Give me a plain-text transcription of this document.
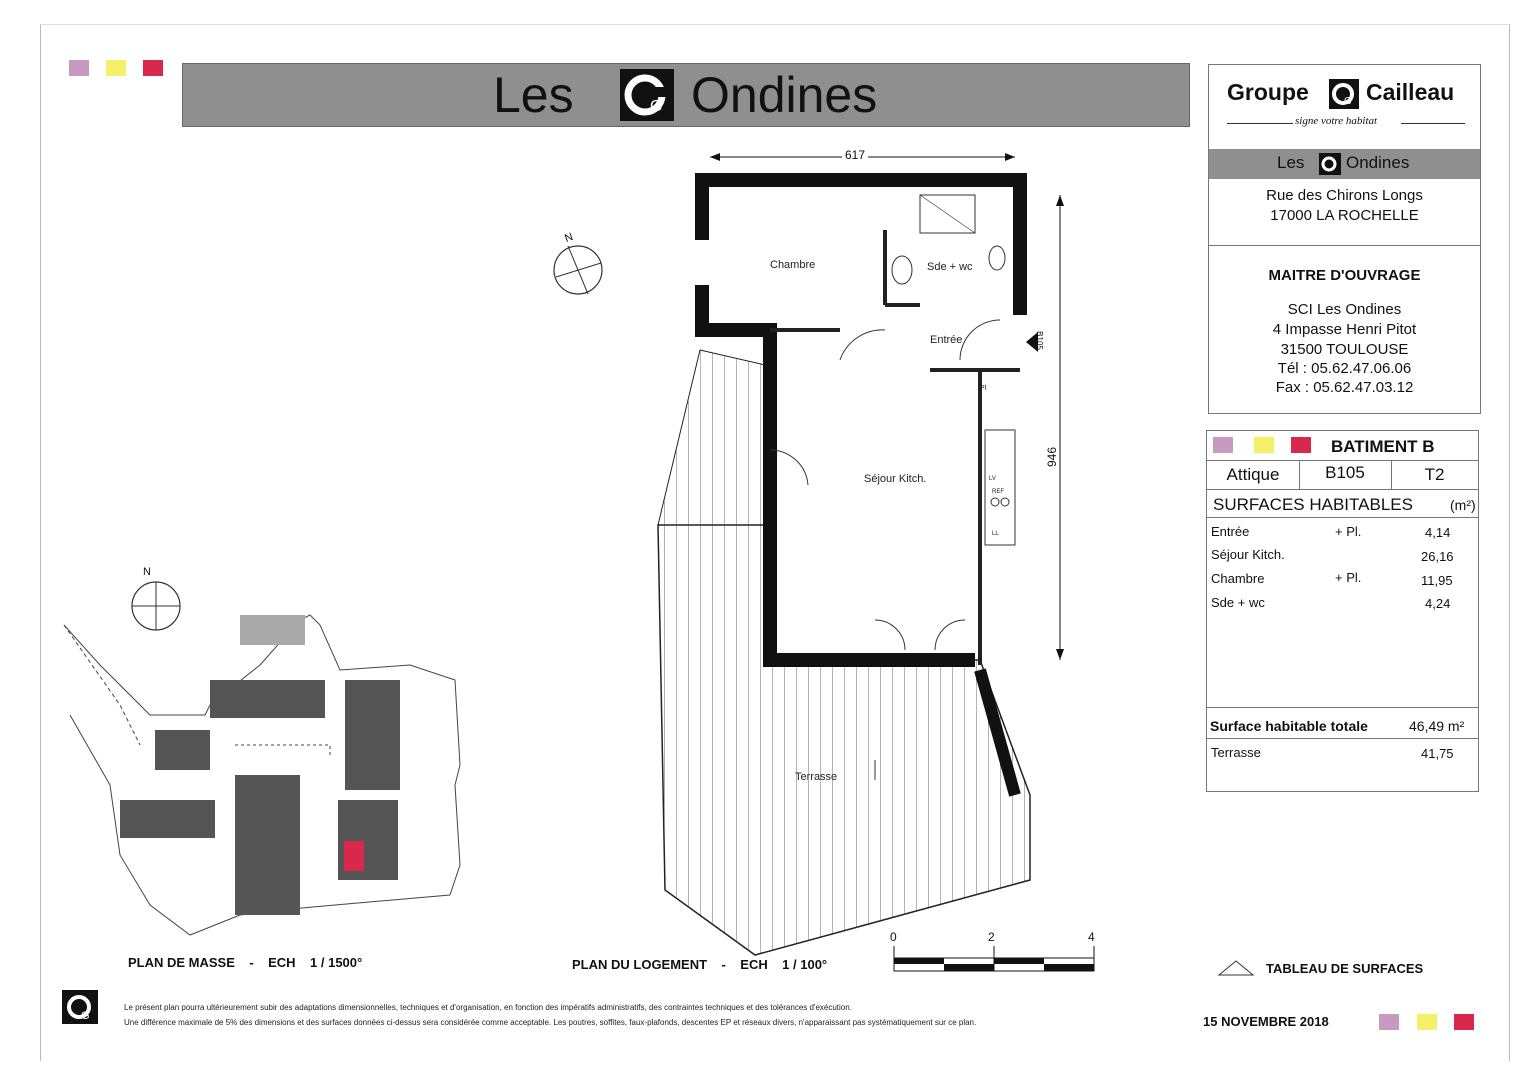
Les	G Ondines	Groupe	G Cailleau
signe votre habitat
Les Ondines
Rue des Chirons Longs
17000 LA ROCHELLE
MAITRE D'OUVRAGE
SCI Les Ondines
4 Impasse Henri Pitot
31500 TOULOUSE
Tél : 05.62.47.06.06
Fax : 05.62.47.03.12
BATIMENT B
Attique	B105	T2
SURFACES HABITABLES	(m²)
Entrée	+ Pl.	4,14
Séjour Kitch.	26,16
Chambre	+ Pl.	11,95
Sde + wc	4,24
Surface habitable totale	46,49 m²
Terrasse	41,75
Chambre	Sde + wc
Entrée
Séjour Kitch.
Terrasse
Pl
LV
REF
LL
617
946
B105
N
N
PLAN DE MASSE    -    ECH    1 / 1500°	PLAN DU LOGEMENT    -    ECH    1 / 100°
0	2	4
TABLEAU DE SURFACES
G
Le présent plan pourra ultérieurement subir des adaptations dimensionnelles, techniques et d'organisation, en fonction des impératifs administratifs, des contraintes techniques et des tolérances d'exécution.
Une différence maximale de 5% des dimensions et des surfaces données ci-dessus sera considérée comme acceptable. Les poutres, soffites, faux-plafonds, descentes EP et réseaux divers, n'apparaissant pas systématiquement sur ce plan.	15 NOVEMBRE 2018
